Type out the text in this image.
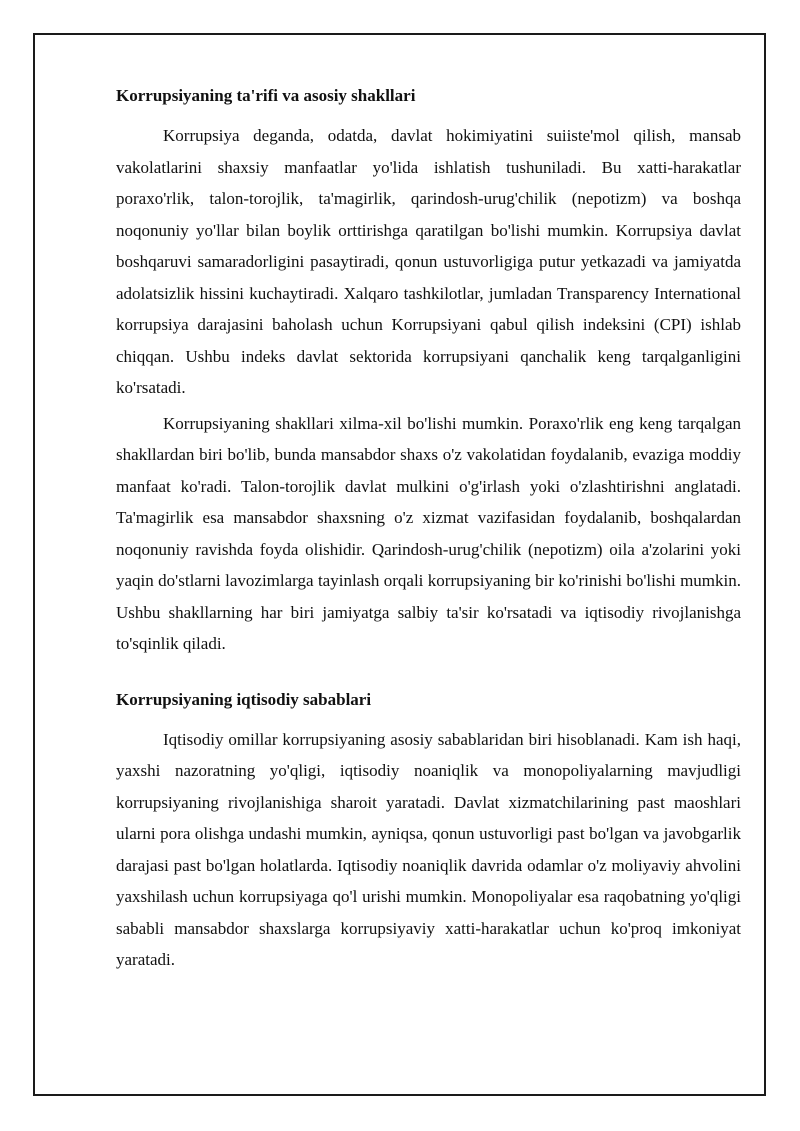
Korrupsiyaning ta'rifi va asosiy shakllari

Korrupsiya deganda, odatda, davlat hokimiyatini suiiste'mol qilish, mansab vakolatlarini shaxsiy manfaatlar yo'lida ishlatish tushuniladi. Bu xatti-harakatlar poraxo'rlik, talon-torojlik, ta'magirlik, qarindosh-urug'chilik (nepotizm) va boshqa noqonuniy yo'llar bilan boylik orttirishga qaratilgan bo'lishi mumkin. Korrupsiya davlat boshqaruvi samaradorligini pasaytiradi, qonun ustuvorligiga putur yetkazadi va jamiyatda adolatsizlik hissini kuchaytiradi. Xalqaro tashkilotlar, jumladan Transparency International korrupsiya darajasini baholash uchun Korrupsiyani qabul qilish indeksini (CPI) ishlab chiqqan. Ushbu indeks davlat sektorida korrupsiyani qanchalik keng tarqalganligini ko'rsatadi.

Korrupsiyaning shakllari xilma-xil bo'lishi mumkin. Poraxo'rlik eng keng tarqalgan shakllardan biri bo'lib, bunda mansabdor shaxs o'z vakolatidan foydalanib, evaziga moddiy manfaat ko'radi. Talon-torojlik davlat mulkini o'g'irlash yoki o'zlashtirishni anglatadi. Ta'magirlik esa mansabdor shaxsning o'z xizmat vazifasidan foydalanib, boshqalardan noqonuniy ravishda foyda olishidir. Qarindosh-urug'chilik (nepotizm) oila a'zolarini yoki yaqin do'stlarni lavozimlarga tayinlash orqali korrupsiyaning bir ko'rinishi bo'lishi mumkin. Ushbu shakllarning har biri jamiyatga salbiy ta'sir ko'rsatadi va iqtisodiy rivojlanishga to'sqinlik qiladi.

Korrupsiyaning iqtisodiy sabablari

Iqtisodiy omillar korrupsiyaning asosiy sabablaridan biri hisoblanadi. Kam ish haqi, yaxshi nazoratning yo'qligi, iqtisodiy noaniqlik va monopoliyalarning mavjudligi korrupsiyaning rivojlanishiga sharoit yaratadi. Davlat xizmatchilarining past maoshlari ularni pora olishga undashi mumkin, ayniqsa, qonun ustuvorligi past bo'lgan va javobgarlik darajasi past bo'lgan holatlarda. Iqtisodiy noaniqlik davrida odamlar o'z moliyaviy ahvolini yaxshilash uchun korrupsiyaga qo'l urishi mumkin. Monopoliyalar esa raqobatning yo'qligi sababli mansabdor shaxslarga korrupsiyaviy xatti-harakatlar uchun ko'proq imkoniyat yaratadi.
